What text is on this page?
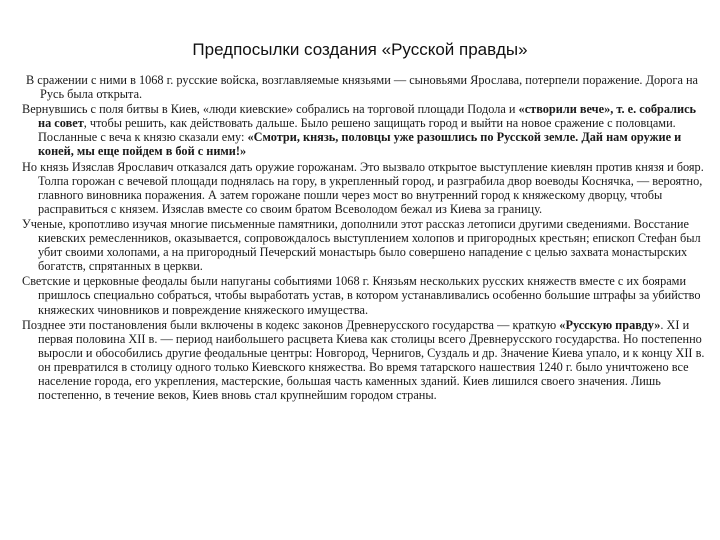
Предпосылки создания «Русской правды»

В сражении с ними в 1068 г. русские войска, возглавляемые князьями — сыновьями Ярослава, потерпели поражение. Дорога на Русь была открыта.

Вернувшись с поля битвы в Киев, «люди киевские» собрались на торговой площади Подола и «створили вече», т. е. собрались на совет, чтобы решить, как действовать дальше. Было решено защищать город и выйти на новое сражение с половцами. Посланные с веча к князю сказали ему: «Смотри, князь, половцы уже разошлись по Русской земле. Дай нам оружие и коней, мы еще пойдем в бой с ними!»

Но князь Изяслав Ярославич отказался дать оружие горожанам. Это вызвало открытое выступление киевлян против князя и бояр. Толпа горожан с вечевой площади поднялась на гору, в укрепленный город, и разграбила двор воеводы Коснячка, — вероятно, главного виновника поражения. А затем горожане пошли через мост во внутренний город к княжескому дворцу, чтобы расправиться с князем. Изяслав вместе со своим братом Всеволодом бежал из Киева за границу.

Ученые, кропотливо изучая многие письменные памятники, дополнили этот рассказ летописи другими сведениями. Восстание киевских ремесленников, оказывается, сопровождалось выступлением холопов и пригородных крестьян; епископ Стефан был убит своими холопами, а на пригородный Печерский монастырь было совершено нападение с целью захвата монастырских богатств, спрятанных в церкви.

Светские и церковные феодалы были напуганы событиями 1068 г. Князьям нескольких русских княжеств вместе с их боярами пришлось специально собраться, чтобы выработать устав, в котором устанавливались особенно большие штрафы за убийство княжеских чиновников и повреждение княжеского имущества.

Позднее эти постановления были включены в кодекс законов Древнерусского государства — краткую «Русскую правду». XI и первая половина XII в. — период наибольшего расцвета Киева как столицы всего Древнерусского государства. Но постепенно выросли и обособились другие феодальные центры: Новгород, Чернигов, Суздаль и др. Значение Киева упало, и к концу XII в. он превратился в столицу одного только Киевского княжества. Во время татарского нашествия 1240 г. было уничтожено все население города, его укрепления, мастерские, большая часть каменных зданий. Киев лишился своего значения. Лишь постепенно, в течение веков, Киев вновь стал крупнейшим городом страны.
